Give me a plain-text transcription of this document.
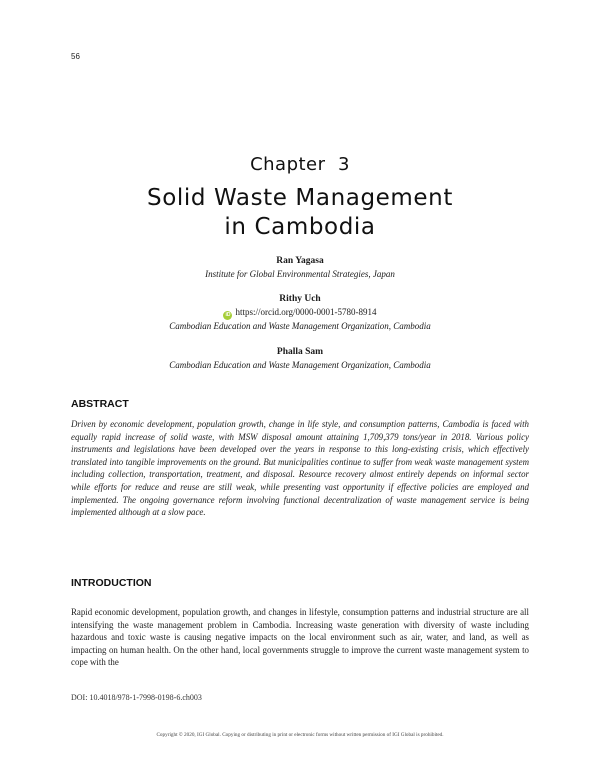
56
Chapter  3
Solid Waste Management
in Cambodia
Ran Yagasa
Institute for Global Environmental Strategies, Japan
Rithy Uch
iD https://orcid.org/0000-0001-5780-8914
Cambodian Education and Waste Management Organization, Cambodia
Phalla Sam
Cambodian Education and Waste Management Organization, Cambodia
ABSTRACT

Driven by economic development, population growth, change in life style, and consumption patterns, Cambodia is faced with equally rapid increase of solid waste, with MSW disposal amount attaining 1,709,379 tons/year in 2018. Various policy instruments and legislations have been developed over the years in response to this long-existing crisis, which effectively translated into tangible improvements on the ground. But municipalities continue to suffer from weak waste management system including collection, transportation, treatment, and disposal. Resource recovery almost entirely depends on informal sector while efforts for reduce and reuse are still weak, while presenting vast opportunity if effective policies are employed and implemented. The ongoing governance reform involving functional decentralization of waste management service is being implemented although at a slow pace.

INTRODUCTION

Rapid economic development, population growth, and changes in lifestyle, consumption patterns and industrial structure are all intensifying the waste management problem in Cambodia. Increasing waste generation with diversity of waste including hazardous and toxic waste is causing negative impacts on the local environment such as air, water, and land, as well as impacting on human health. On the other hand, local governments struggle to improve the current waste management system to cope with the

DOI: 10.4018/978-1-7998-0198-6.ch003
Copyright © 2020, IGI Global. Copying or distributing in print or electronic forms without written permission of IGI Global is prohibited.
